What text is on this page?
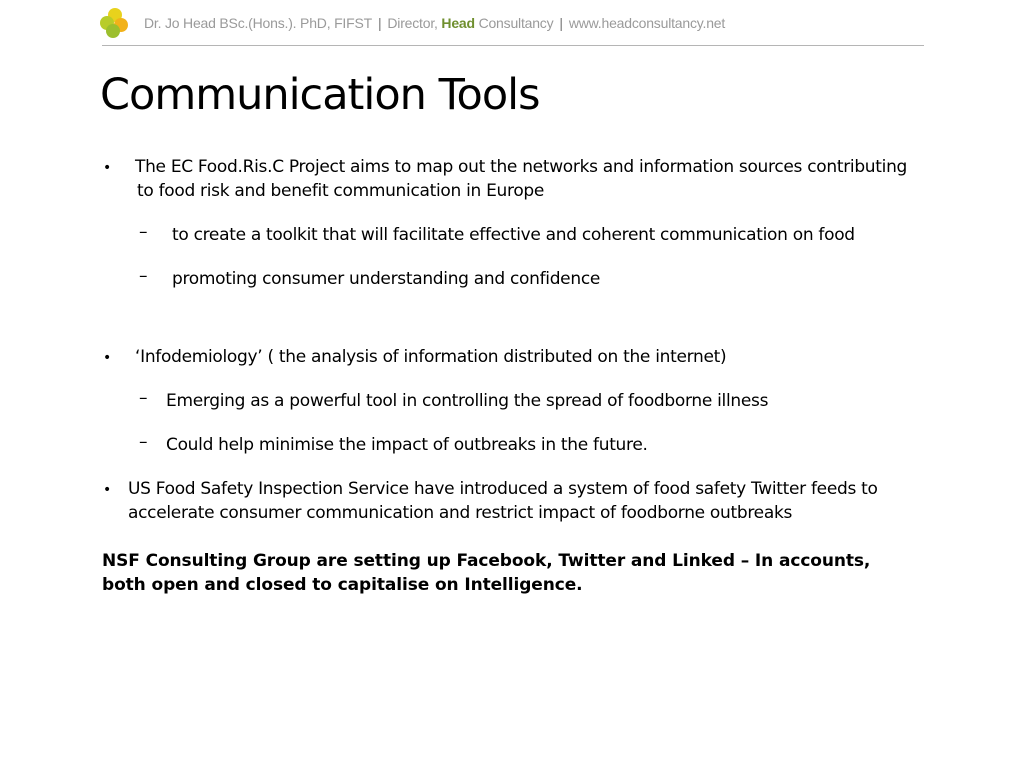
Dr. Jo Head BSc.(Hons.). PhD, FIFST | Director, Head Consultancy | www.headconsultancy.net
Communication Tools
• The EC Food.Ris.C Project aims to map out the networks and information sources contributing
to food risk and benefit communication in Europe
– to create a toolkit that will facilitate effective and coherent communication on food
– promoting consumer understanding and confidence
• ‘Infodemiology’ ( the analysis of information distributed on the internet)
– Emerging as a powerful tool in controlling the spread of foodborne illness
– Could help minimise the impact of outbreaks in the future.
• US Food Safety Inspection Service have introduced a system of food safety Twitter feeds to
accelerate consumer communication and restrict impact of foodborne outbreaks
NSF Consulting Group are setting up Facebook, Twitter and Linked – In accounts,
both open and closed to capitalise on Intelligence.
